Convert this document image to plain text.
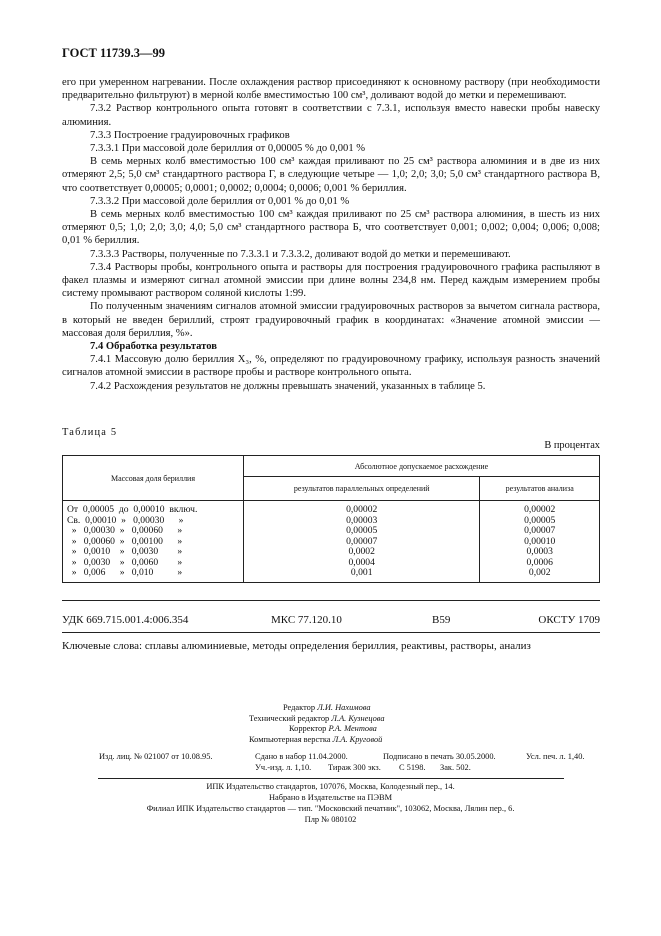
ГОСТ 11739.3—99

его при умеренном нагревании. После охлаждения раствор присоединяют к основному раствору (при необходимости предварительно фильтруют) в мерной колбе вместимостью 100 см³, доливают водой до метки и перемешивают.

7.3.2 Раствор контрольного опыта готовят в соответствии с 7.3.1, используя вместо навески пробы навеску алюминия.

7.3.3 Построение градуировочных графиков

7.3.3.1 При массовой доле бериллия от 0,00005 % до 0,001 %

В семь мерных колб вместимостью 100 см³ каждая приливают по 25 см³ раствора алюминия и в две из них отмеряют 2,5; 5,0 см³ стандартного раствора Г, в следующие четыре — 1,0; 2,0; 3,0; 5,0 см³ стандартного раствора В, что соответствует 0,00005; 0,0001; 0,0002; 0,0004; 0,0006; 0,001 % бериллия.

7.3.3.2 При массовой доле бериллия от 0,001 % до 0,01 %

В семь мерных колб вместимостью 100 см³ каждая приливают по 25 см³ раствора алюминия, в шесть из них отмеряют 0,5; 1,0; 2,0; 3,0; 4,0; 5,0 см³ стандартного раствора Б, что соответствует 0,001; 0,002; 0,004; 0,006; 0,008; 0,01 % бериллия.

7.3.3.3 Растворы, полученные по 7.3.3.1 и 7.3.3.2, доливают водой до метки и перемешивают.

7.3.4 Растворы пробы, контрольного опыта и растворы для построения градуировочного графика распыляют в факел плазмы и измеряют сигнал атомной эмиссии при длине волны 234,8 нм. Перед каждым измерением пробы систему промывают раствором соляной кислоты 1:99.

По полученным значениям сигналов атомной эмиссии градуировочных растворов за вычетом сигнала раствора, в который не введен бериллий, строят градуировочный график в координатах: «Значение атомной эмиссии — массовая доля бериллия, %».

7.4 Обработка результатов

7.4.1 Массовую долю бериллия X₃, %, определяют по градуировочному графику, используя разность значений сигналов атомной эмиссии в растворе пробы и растворе контрольного опыта.

7.4.2 Расхождения результатов не должны превышать значений, указанных в таблице 5.

Таблица 5
В процентах
Массовая доля бериллия	Абсолютное допускаемое расхождение	
	результатов параллельных определений	результатов анализа
От  0,00005  до  0,00010  включ.	0,00002	0,00002
Св.  0,00010  »   0,00030      »	0,00003	0,00005
»   0,00030  »   0,00060      »	0,00005	0,00007
»   0,00060  »   0,00100      »	0,00007	0,00010
»   0,0010    »   0,0030        »	0,0002	0,0003
»   0,0030    »   0,0060        »	0,0004	0,0006
»   0,006      »   0,010          »	0,001	0,002
УДК 669.715.001.4:006.354	МКС 77.120.10	В59	ОКСТУ 1709
Ключевые слова: сплавы алюминиевые, методы определения бериллия, реактивы, растворы, анализ
Редактор Л.И. Нахимова
Технический редактор Л.А. Кузнецова
Корректор Р.А. Ментова
Компьютерная верстка Л.А. Круговой
Изд. лиц. № 021007 от 10.08.95.	Сдано в набор 11.04.2000.	Подписано в печать 30.05.2000.	Усл. печ. л. 1,40.
Уч.-изд. л. 1,10. Тираж 300 экз. С 5198. Зак. 502.
ИПК Издательство стандартов, 107076, Москва, Колодезный пер., 14.
Набрано в Издательстве на ПЭВМ
Филиал ИПК Издательство стандартов — тип. "Московский печатник", 103062, Москва, Лялин пер., 6.
Плр № 080102
